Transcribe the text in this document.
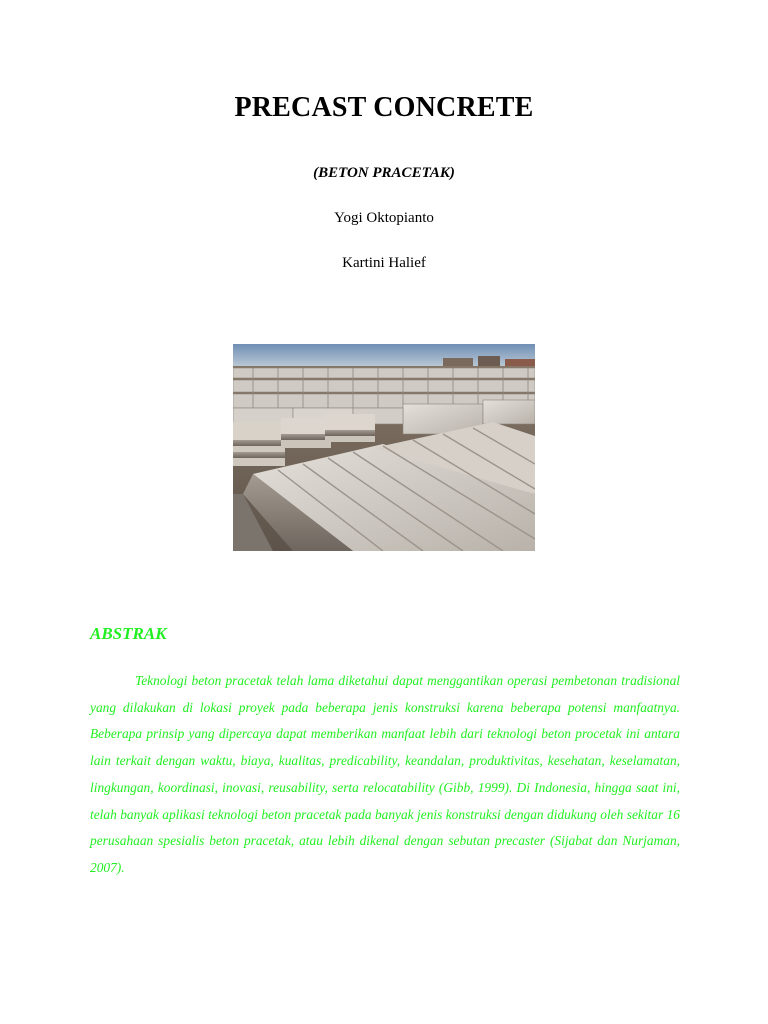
PRECAST CONCRETE
(BETON PRACETAK)
Yogi Oktopianto
Kartini Halief
ABSTRAK
Teknologi beton pracetak telah lama diketahui dapat menggantikan operasi pembetonan tradisional yang dilakukan di lokasi proyek pada beberapa jenis konstruksi karena beberapa potensi manfaatnya. Beberapa prinsip yang dipercaya dapat memberikan manfaat lebih dari teknologi beton procetak ini antara lain terkait dengan waktu, biaya, kualitas, predicability, keandalan, produktivitas, kesehatan, keselamatan, lingkungan, koordinasi, inovasi, reusability, serta relocatability (Gibb, 1999). Di Indonesia, hingga saat ini, telah banyak aplikasi teknologi beton pracetak pada banyak jenis konstruksi dengan didukung oleh sekitar 16 perusahaan spesialis beton pracetak, atau lebih dikenal dengan sebutan precaster (Sijabat dan Nurjaman, 2007).
